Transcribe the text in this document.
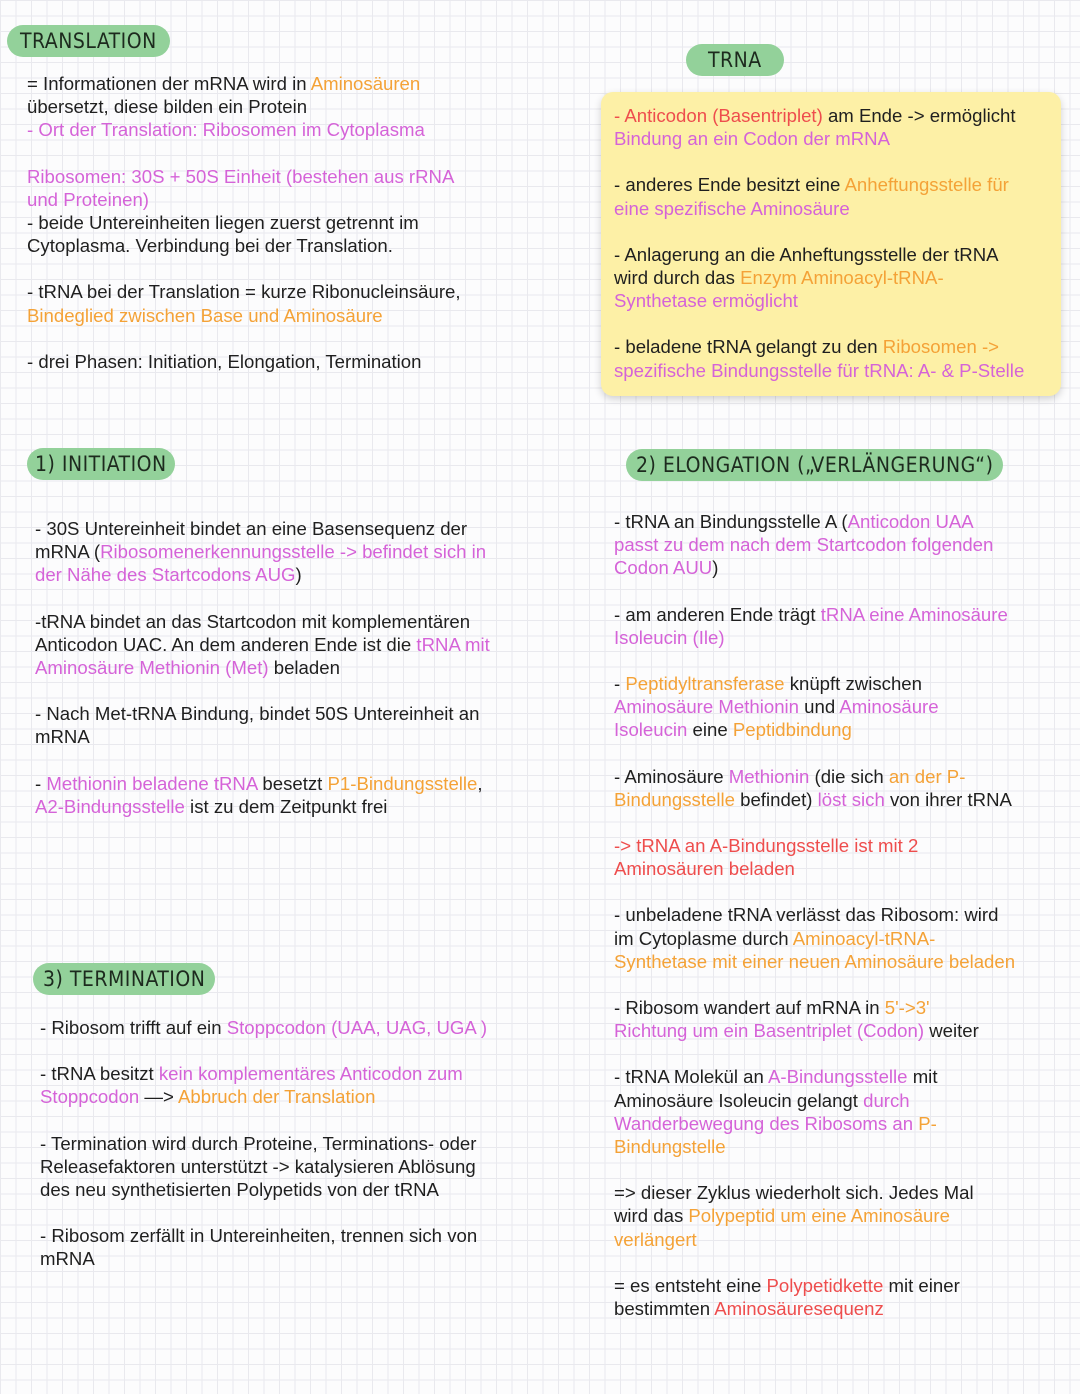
TRANSLATION
TRNA
1) INITIATION	2) ELONGATION („VERLÄNGERUNG“)
3) TERMINATION

= Informationen der mRNA wird in Aminosäuren
übersetzt, diese bilden ein Protein
- Ort der Translation: Ribosomen im Cytoplasma

Ribosomen: 30S + 50S Einheit (bestehen aus rRNA
und Proteinen)
- beide Untereinheiten liegen zuerst getrennt im
Cytoplasma. Verbindung bei der Translation.

- tRNA bei der Translation = kurze Ribonucleinsäure,
Bindeglied zwischen Base und Aminosäure

- drei Phasen: Initiation, Elongation, Termination

- Anticodon (Basentriplet) am Ende -> ermöglicht
Bindung an ein Codon der mRNA

- anderes Ende besitzt eine Anheftungsstelle für
eine spezifische Aminosäure

- Anlagerung an die Anheftungsstelle der tRNA
wird durch das Enzym Aminoacyl-tRNA-
Synthetase ermöglicht

- beladene tRNA gelangt zu den Ribosomen ->
spezifische Bindungsstelle für tRNA: A- & P-Stelle

- 30S Untereinheit bindet an eine Basensequenz der
mRNA (Ribosomenerkennungsstelle -> befindet sich in
der Nähe des Startcodons AUG)

-tRNA bindet an das Startcodon mit komplementären
Anticodon UAC. An dem anderen Ende ist die tRNA mit
Aminosäure Methionin (Met) beladen

- Nach Met-tRNA Bindung, bindet 50S Untereinheit an
mRNA

- Methionin beladene tRNA besetzt P1-Bindungsstelle,
A2-Bindungsstelle ist zu dem Zeitpunkt frei

- Ribosom trifft auf ein Stoppcodon (UAA, UAG, UGA )

- tRNA besitzt kein komplementäres Anticodon zum
Stoppcodon —> Abbruch der Translation

- Termination wird durch Proteine, Terminations- oder
Releasefaktoren unterstützt -> katalysieren Ablösung
des neu synthetisierten Polypetids von der tRNA

- Ribosom zerfällt in Untereinheiten, trennen sich von
mRNA

- tRNA an Bindungsstelle A (Anticodon UAA
passt zu dem nach dem Startcodon folgenden
Codon AUU)

- am anderen Ende trägt tRNA eine Aminosäure
Isoleucin (Ile)

- Peptidyltransferase knüpft zwischen
Aminosäure Methionin und Aminosäure
Isoleucin eine Peptidbindung

- Aminosäure Methionin (die sich an der P-
Bindungsstelle befindet) löst sich von ihrer tRNA

-> tRNA an A-Bindungsstelle ist mit 2
Aminosäuren beladen

- unbeladene tRNA verlässt das Ribosom: wird
im Cytoplasme durch Aminoacyl-tRNA-
Synthetase mit einer neuen Aminosäure beladen

- Ribosom wandert auf mRNA in 5'->3'
Richtung um ein Basentriplet (Codon) weiter

- tRNA Molekül an A-Bindungsstelle mit
Aminosäure Isoleucin gelangt durch
Wanderbewegung des Ribosoms an P-
Bindungstelle

=> dieser Zyklus wiederholt sich. Jedes Mal
wird das Polypeptid um eine Aminosäure
verlängert

= es entsteht eine Polypetidkette mit einer
bestimmten Aminosäuresequenz
